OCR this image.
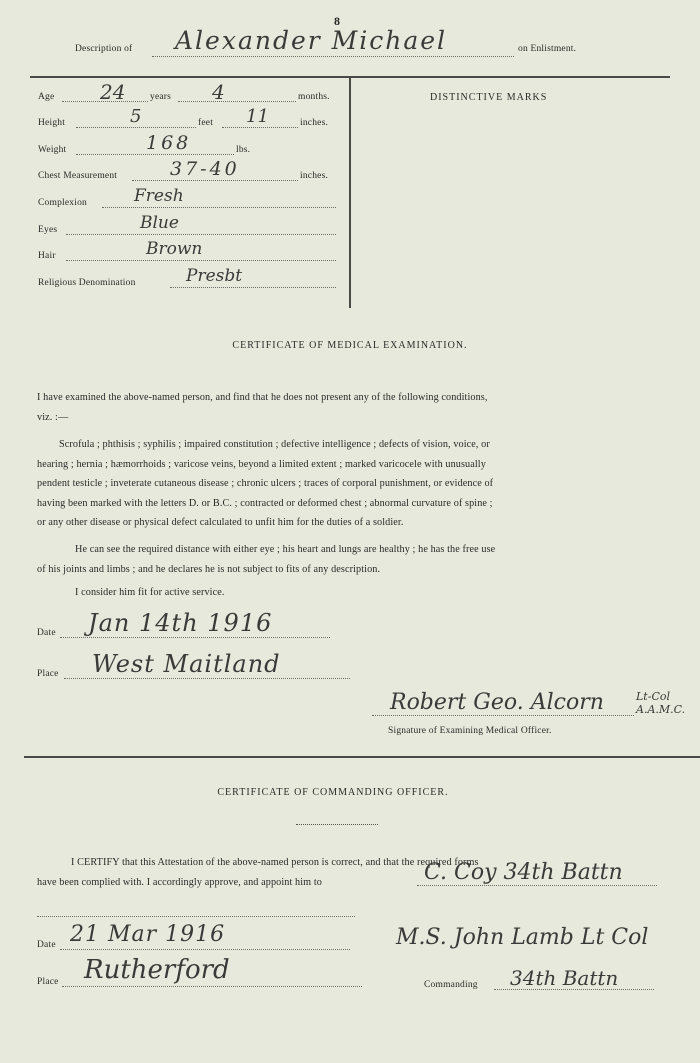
8
Description of Alexander Michael	on Enlistment.
Age 24	years 4	months.
Height	5	feet 11	inches.
Weight	168	lbs.
Chest Measurement	37-40	inches.
Complexion	Fresh
Eyes	Blue
Hair	Brown
Religious Denomination	Presbt
DISTINCTIVE MARKS
CERTIFICATE OF MEDICAL EXAMINATION.
I have examined the above-named person, and find that he does not present any of the following conditions,
viz. :—
Scrofula ; phthisis ; syphilis ; impaired constitution ; defective intelligence ; defects of vision, voice, or
hearing ; hernia ; hæmorrhoids ; varicose veins, beyond a limited extent ; marked varicocele with unusually
pendent testicle ; inveterate cutaneous disease ; chronic ulcers ; traces of corporal punishment, or evidence of
having been marked with the letters D. or B.C. ; contracted or deformed chest ; abnormal curvature of spine ;
or any other disease or physical defect calculated to unfit him for the duties of a soldier.
He can see the required distance with either eye ; his heart and lungs are healthy ; he has the free use
of his joints and limbs ; and he declares he is not subject to fits of any description.
I consider him fit for active service.
Date Jan 14th 1916
Place West Maitland
Robert Geo. Alcorn	Lt-Col A.A.M.C.
Signature of Examining Medical Officer.
CERTIFICATE OF COMMANDING OFFICER.
I CERTIFY that this Attestation of the above-named person is correct, and that the required forms
have been complied with. I accordingly approve, and appoint him to	C. Coy 34th Battn
Date 21 Mar 1916
Place Rutherford
M.S. John Lamb Lt Col
Commanding 34th Battn
